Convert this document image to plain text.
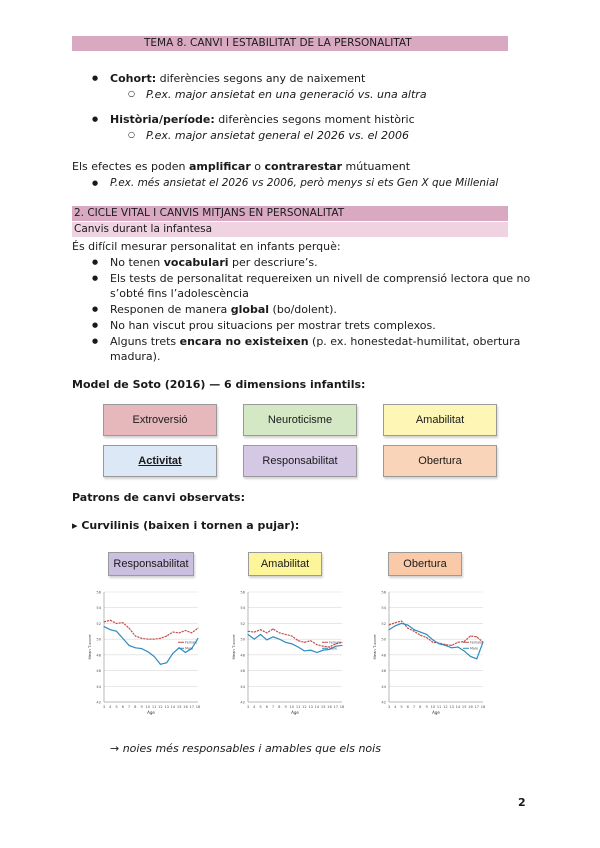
TEMA 8. CANVI I ESTABILITAT DE LA PERSONALITAT
● Cohort: diferències segons any de naixement
○ P.ex. major ansietat en una generació vs. una altra
● Història/període: diferències segons moment històric
○ P.ex. major ansietat general el 2026 vs. el 2006
Els efectes es poden amplificar o contrarestar mútuament
● P.ex. més ansietat el 2026 vs 2006, però menys si ets Gen X que Millenial
2. CICLE VITAL I CANVIS MITJANS EN PERSONALITAT
Canvis durant la infantesa
És difícil mesurar personalitat en infants perquè:
● No tenen vocabulari per descriure’s.
● Els tests de personalitat requereixen un nivell de comprensió lectora que no
s’obté fins l’adolescència
● Responen de manera global (bo/dolent).
● No han viscut prou situacions per mostrar trets complexos.
● Alguns trets encara no existeixen (p. ex. honestedat-humilitat, obertura
madura).
Model de Soto (2016) — 6 dimensions infantils:
Extroversió	Neuroticisme	Amabilitat
Activitat	Responsabilitat	Obertura
Patrons de canvi observats:
▸ Curvilinis (baixen i tornen a pujar):
Responsabilitat	Amabilitat	Obertura
42
44
46
48
50
52
54
56
3 4 5 6 7 8 9 10 11 12 13 14 15 16 17 18
Age
Mean T-score	Female
Male
42
44
46
48
50
52
54
56
3 4 5 6 7 8 9 10 11 12 13 14 15 16 17 18
Age
Mean T-score	Female
Male
42
44
46
48
50
52
54
56
3 4 5 6 7 8 9 10 11 12 13 14 15 16 17 18
Age
Mean T-score	Female
Male
→ noies més responsables i amables que els nois
2
